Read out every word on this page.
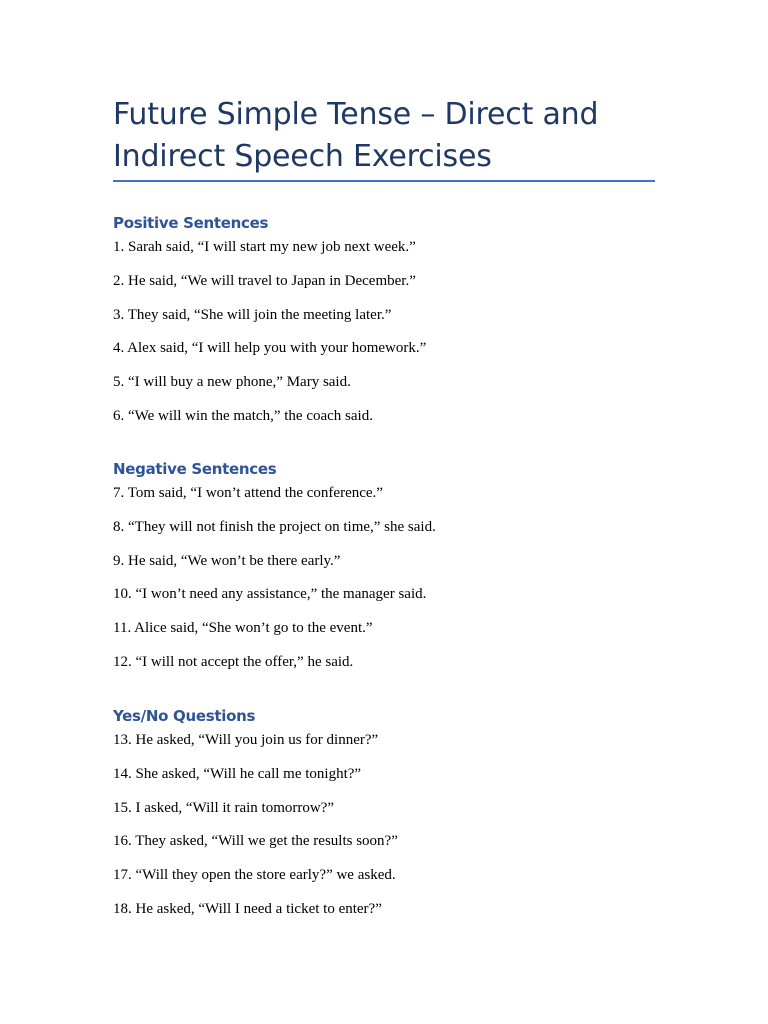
Future Simple Tense – Direct and Indirect Speech Exercises
Positive Sentences

1. Sarah said, “I will start my new job next week.”

2. He said, “We will travel to Japan in December.”

3. They said, “She will join the meeting later.”

4. Alex said, “I will help you with your homework.”

5. “I will buy a new phone,” Mary said.

6. “We will win the match,” the coach said.

Negative Sentences

7. Tom said, “I won’t attend the conference.”

8. “They will not finish the project on time,” she said.

9. He said, “We won’t be there early.”

10. “I won’t need any assistance,” the manager said.

11. Alice said, “She won’t go to the event.”

12. “I will not accept the offer,” he said.

Yes/No Questions

13. He asked, “Will you join us for dinner?”

14. She asked, “Will he call me tonight?”

15. I asked, “Will it rain tomorrow?”

16. They asked, “Will we get the results soon?”

17. “Will they open the store early?” we asked.

18. He asked, “Will I need a ticket to enter?”
